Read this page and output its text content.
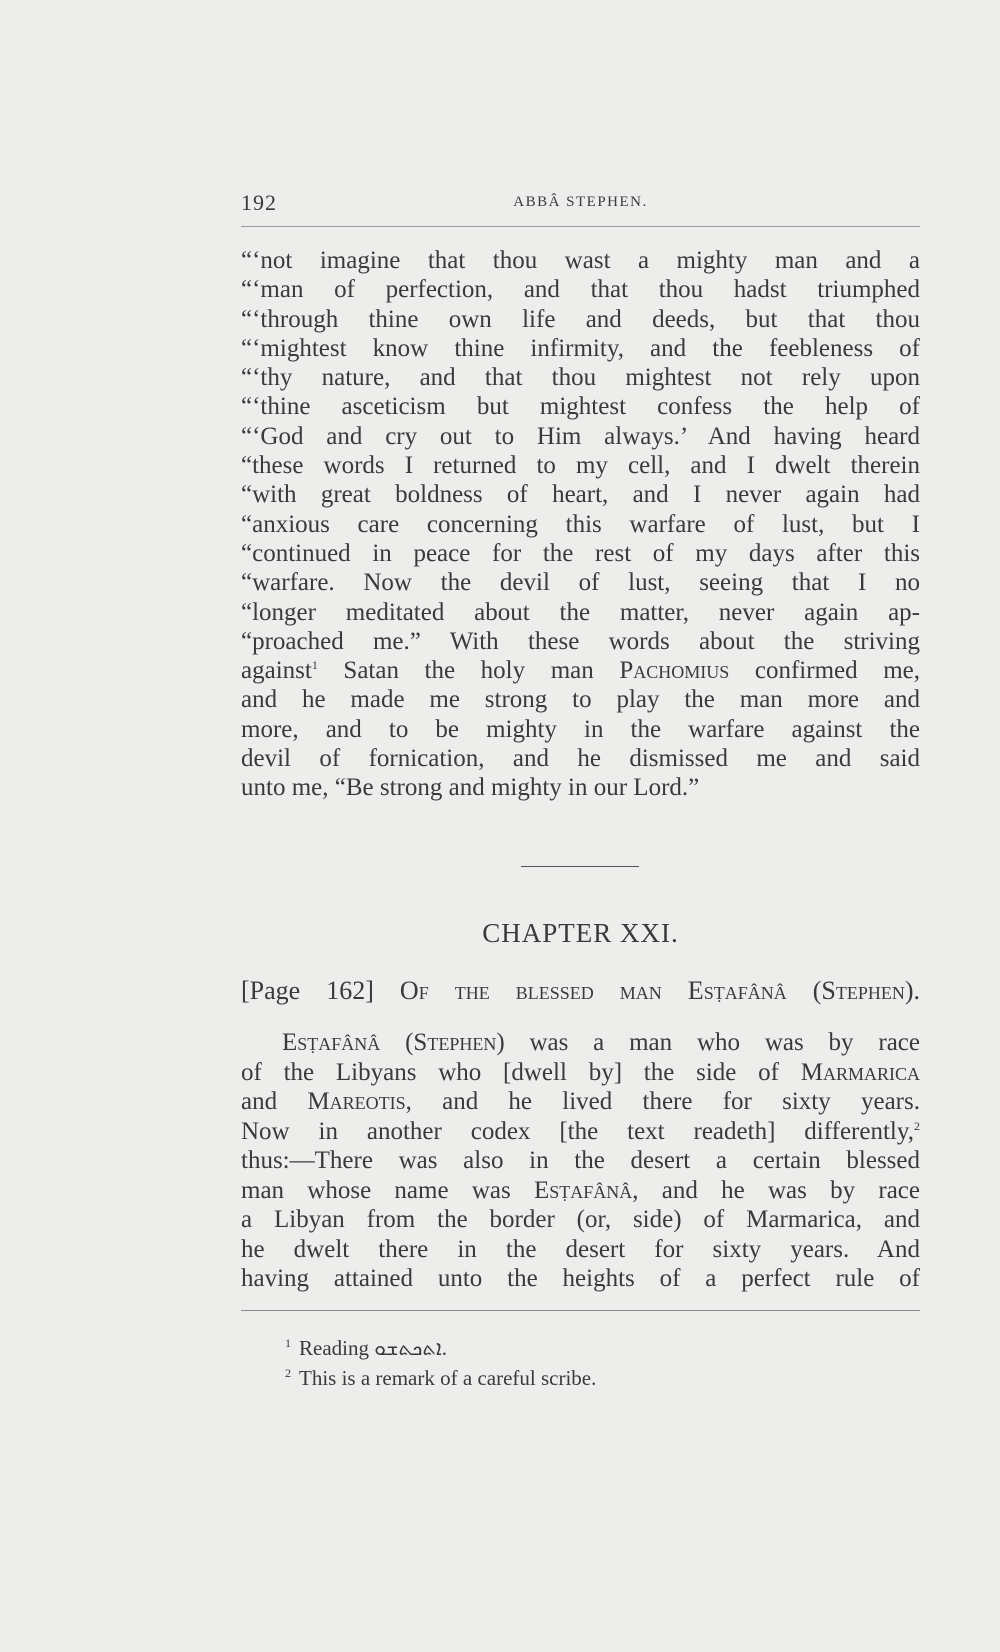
192	ABBÂ STEPHEN.
“‘not imagine that thou wast a mighty man and a
“‘man of perfection, and that thou hadst triumphed
“‘through thine own life and deeds, but that thou
“‘mightest know thine infirmity, and the feebleness of
“‘thy nature, and that thou mightest not rely upon
“‘thine asceticism but mightest confess the help of
“‘God and cry out to Him always.’ And having heard
“these words I returned to my cell, and I dwelt therein
“with great boldness of heart, and I never again had
“anxious care concerning this warfare of lust, but I
“continued in peace for the rest of my days after this
“warfare. Now the devil of lust, seeing that I no
“longer meditated about the matter, never again ap-
“proached me.” With these words about the striving
against$^1$ Satan the holy man Pachomius confirmed me,
and he made me strong to play the man more and
more, and to be mighty in the warfare against the
devil of fornication, and he dismissed me and said
unto me, “Be strong and mighty in our Lord.”
CHAPTER XXI.
[Page 162] Of the blessed man Esṭafânâ (Stephen).
Esṭafânâ (Stephen) was a man who was by race
of the Libyans who [dwell by] the side of Marmarica
and Mareotis, and he lived there for sixty years.
Now in another codex [the text readeth] differently,$^2$
thus:—There was also in the desert a certain blessed
man whose name was Esṭafânâ, and he was by race
a Libyan from the border (or, side) of Marmarica, and
he dwelt there in the desert for sixty years. And
having attained unto the heights of a perfect rule of
$^1$ Reading ܐܬܟܬܫܘ.
$^2$ This is a remark of a careful scribe.
